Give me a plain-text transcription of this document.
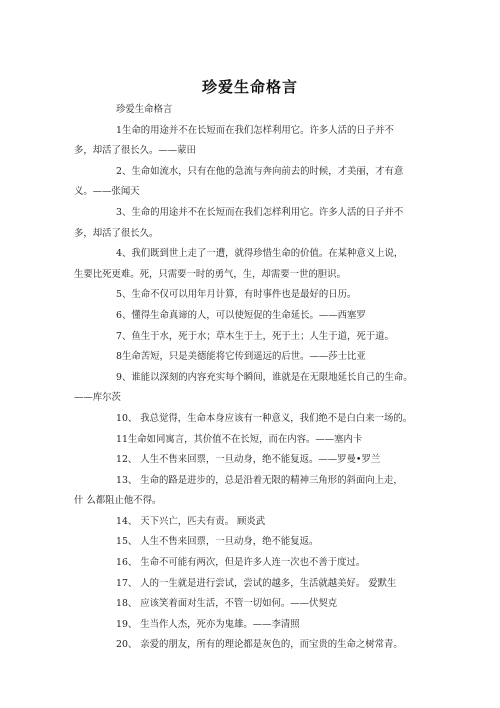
珍爱生命格言
珍爱生命格言
1生命的用途并不在长短而在我们怎样利用它。许多人活的日子并不
多，却活了很长久。——蒙田
2、生命如流水，只有在他的急流与奔向前去的时候，才美丽，才有意
义。——张闻天
3、生命的用途并不在长短而在我们怎样利用它。许多人活的日子并不
多，却活了很长久。
4、我们既到世上走了一遭，就得珍惜生命的价值。在某种意义上说，
生要比死更难。死，只需要一时的勇气，生，却需要一世的胆识。
5、生命不仅可以用年月计算，有时事件也是最好的日历。
6、懂得生命真谛的人，可以使短促的生命延长。——西塞罗
7、鱼生于水，死于水；草木生于土，死于土；人生于道，死于道。
8生命苦短，只是美德能将它传到遥远的后世。——莎士比亚
9、谁能以深刻的内容充实每个瞬间，谁就是在无限地延长自己的生命。
——库尔茨
10、 我总觉得，生命本身应该有一种意义，我们绝不是白白来一场的。
11生命如同寓言，其价值不在长短，而在内容。——塞内卡
12、 人生不售来回票，一旦动身，绝不能复返。——罗曼•罗兰
13、 生命的路是进步的，总是沿着无限的精神三角形的斜面向上走，
什 么都阻止他不得。
14、 天下兴亡，匹夫有责。 顾炎武
15、 人生不售来回票，一旦动身，绝不能复返。
16、 生命不可能有两次，但是许多人连一次也不善于度过。
17、 人的一生就是进行尝试，尝试的越多，生活就越美好。 爱默生
18、 应该笑着面对生活，不管一切如何。——伏契克
19、 生当作人杰，死亦为鬼雄。——李清照
20、 亲爱的朋友，所有的理论都是灰色的，而宝贵的生命之树常青。
